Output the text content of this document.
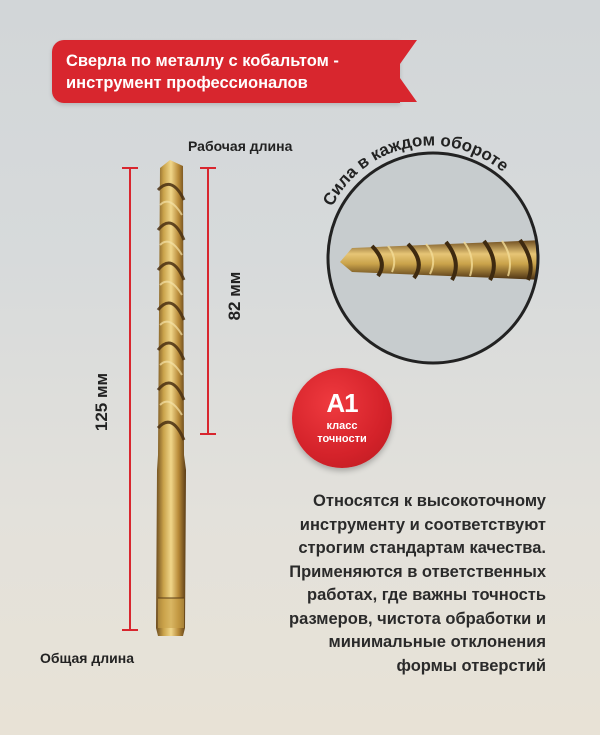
Сила в каждом обороте
Сверла по металлу с кобальтом -
инструмент профессионалов
Рабочая длина
Общая длина
125 мм
82 мм
A1
класс
точности
Относятся к высокоточному
инструменту и соответствуют
строгим стандартам качества.
Применяются в ответственных
работах, где важны точность
размеров, чистота обработки и
минимальные отклонения
формы отверстий
